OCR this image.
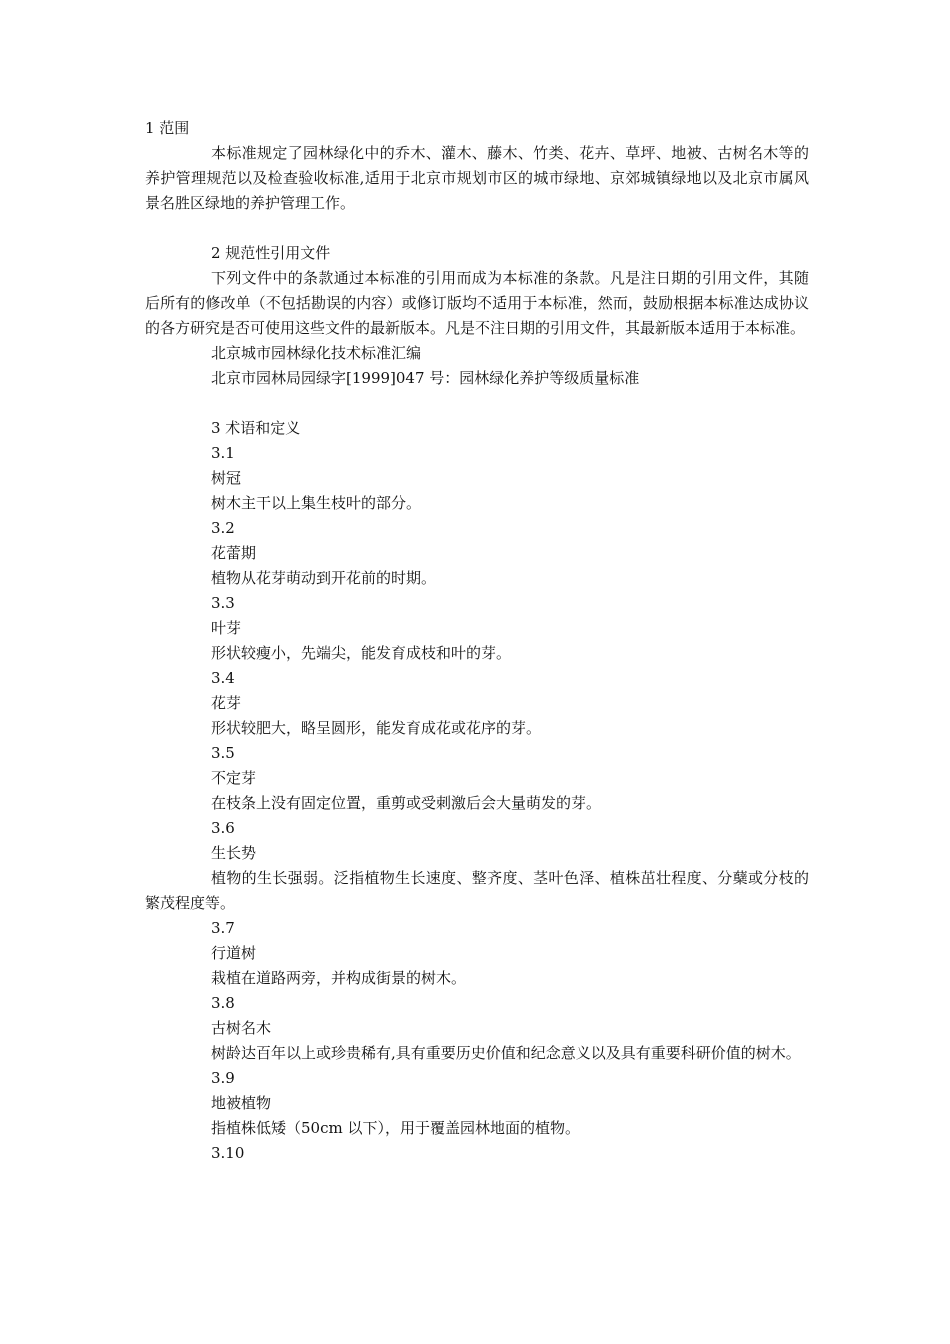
1 范围
本标准规定了园林绿化中的乔木、灌木、藤木、竹类、花卉、草坪、地被、古树名木等的养护管理规范以及检查验收标准,适用于北京市规划市区的城市绿地、京郊城镇绿地以及北京市属风景名胜区绿地的养护管理工作。
2 规范性引用文件
下列文件中的条款通过本标准的引用而成为本标准的条款。凡是注日期的引用文件，其随后所有的修改单（不包括勘误的内容）或修订版均不适用于本标准，然而，鼓励根据本标准达成协议的各方研究是否可使用这些文件的最新版本。凡是不注日期的引用文件，其最新版本适用于本标准。
北京城市园林绿化技术标准汇编
北京市园林局园绿字[1999]047 号：园林绿化养护等级质量标准
3 术语和定义
3.1
树冠
树木主干以上集生枝叶的部分。
3.2
花蕾期
植物从花芽萌动到开花前的时期。
3.3
叶芽
形状较瘦小，先端尖，能发育成枝和叶的芽。
3.4
花芽
形状较肥大，略呈圆形，能发育成花或花序的芽。
3.5
不定芽
在枝条上没有固定位置，重剪或受刺激后会大量萌发的芽。
3.6
生长势
植物的生长强弱。泛指植物生长速度、整齐度、茎叶色泽、植株茁壮程度、分蘖或分枝的繁茂程度等。
3.7
行道树
栽植在道路两旁，并构成街景的树木。
3.8
古树名木
树龄达百年以上或珍贵稀有,具有重要历史价值和纪念意义以及具有重要科研价值的树木。
3.9
地被植物
指植株低矮（50cm 以下），用于覆盖园林地面的植物。
3.10
